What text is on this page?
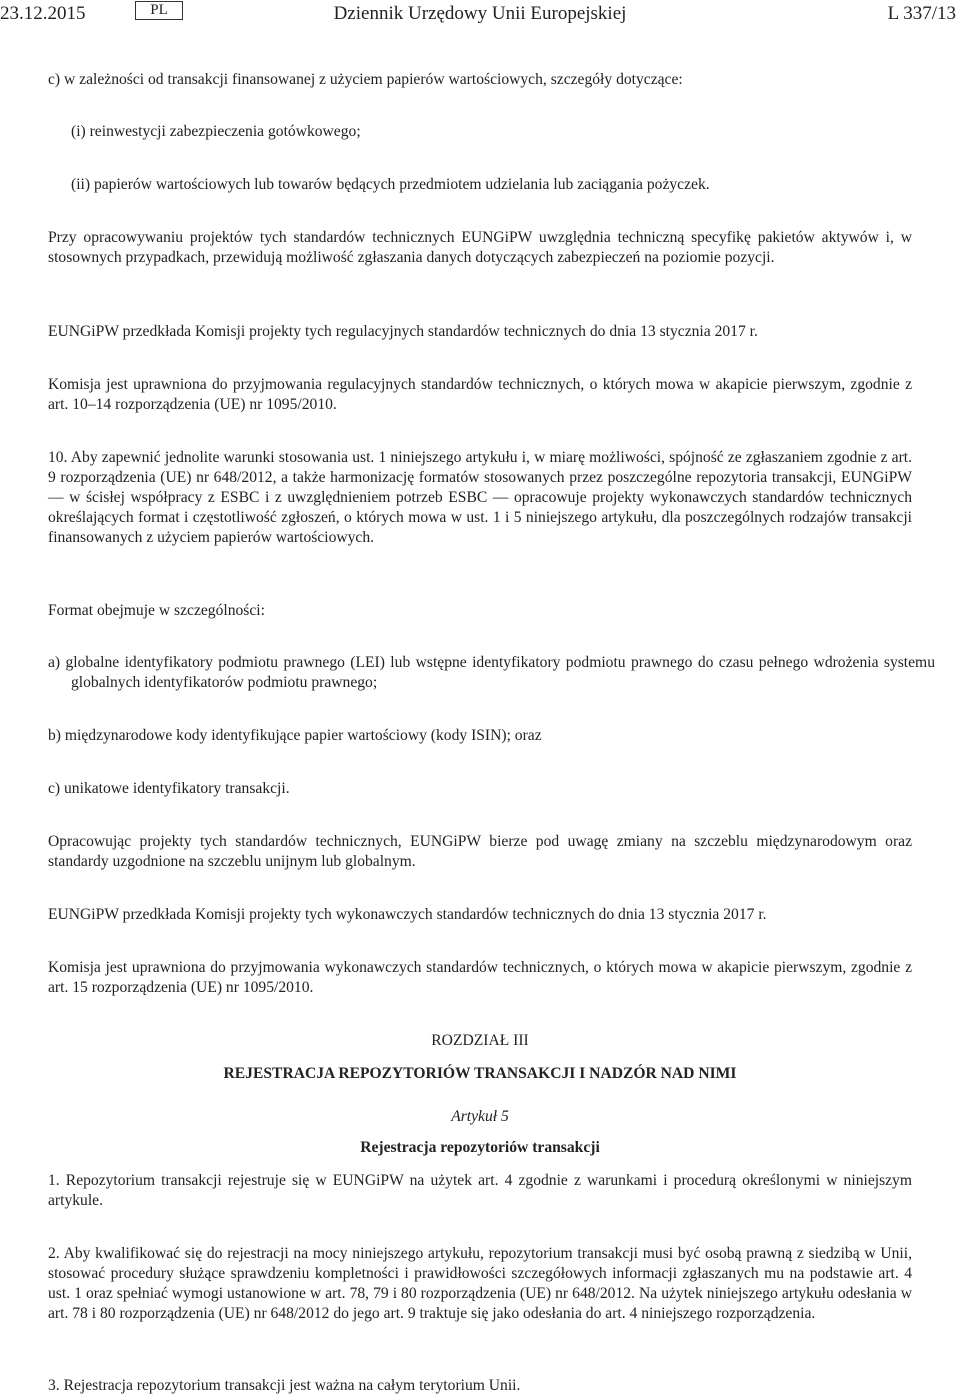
23.12.2015	PL	Dziennik Urzędowy Unii Europejskiej	L 337/13

c) w zależności od transakcji finansowanej z użyciem papierów wartościowych, szczegóły dotyczące:

(i) reinwestycji zabezpieczenia gotówkowego;

(ii) papierów wartościowych lub towarów będących przedmiotem udzielania lub zaciągania pożyczek.

Przy opracowywaniu projektów tych standardów technicznych EUNGiPW uwzględnia techniczną specyfikę pakietów aktywów i, w stosownych przypadkach, przewidują możliwość zgłaszania danych dotyczących zabezpieczeń na poziomie pozycji.

EUNGiPW przedkłada Komisji projekty tych regulacyjnych standardów technicznych do dnia 13 stycznia 2017 r.

Komisja jest uprawniona do przyjmowania regulacyjnych standardów technicznych, o których mowa w akapicie pierwszym, zgodnie z art. 10–14 rozporządzenia (UE) nr 1095/2010.

10. Aby zapewnić jednolite warunki stosowania ust. 1 niniejszego artykułu i, w miarę możliwości, spójność ze zgłaszaniem zgodnie z art. 9 rozporządzenia (UE) nr 648/2012, a także harmonizację formatów stosowanych przez poszczególne repozytoria transakcji, EUNGiPW — w ścisłej współpracy z ESBC i z uwzględnieniem potrzeb ESBC — opracowuje projekty wykonawczych standardów technicznych określających format i częstotliwość zgłoszeń, o których mowa w ust. 1 i 5 niniejszego artykułu, dla poszczególnych rodzajów transakcji finansowanych z użyciem papierów wartościowych.

Format obejmuje w szczególności:

a) globalne identyfikatory podmiotu prawnego (LEI) lub wstępne identyfikatory podmiotu prawnego do czasu pełnego wdrożenia systemu globalnych identyfikatorów podmiotu prawnego;

b) międzynarodowe kody identyfikujące papier wartościowy (kody ISIN); oraz

c) unikatowe identyfikatory transakcji.

Opracowując projekty tych standardów technicznych, EUNGiPW bierze pod uwagę zmiany na szczeblu międzynarodowym oraz standardy uzgodnione na szczeblu unijnym lub globalnym.

EUNGiPW przedkłada Komisji projekty tych wykonawczych standardów technicznych do dnia 13 stycznia 2017 r.

Komisja jest uprawniona do przyjmowania wykonawczych standardów technicznych, o których mowa w akapicie pierwszym, zgodnie z art. 15 rozporządzenia (UE) nr 1095/2010.

ROZDZIAŁ III

REJESTRACJA REPOZYTORIÓW TRANSAKCJI I NADZÓR NAD NIMI

Artykuł 5

Rejestracja repozytoriów transakcji

1. Repozytorium transakcji rejestruje się w EUNGiPW na użytek art. 4 zgodnie z warunkami i procedurą określonymi w niniejszym artykule.

2. Aby kwalifikować się do rejestracji na mocy niniejszego artykułu, repozytorium transakcji musi być osobą prawną z siedzibą w Unii, stosować procedury służące sprawdzeniu kompletności i prawidłowości szczegółowych informacji zgłaszanych mu na podstawie art. 4 ust. 1 oraz spełniać wymogi ustanowione w art. 78, 79 i 80 rozporządzenia (UE) nr 648/2012. Na użytek niniejszego artykułu odesłania w art. 78 i 80 rozporządzenia (UE) nr 648/2012 do jego art. 9 traktuje się jako odesłania do art. 4 niniejszego rozporządzenia.

3. Rejestracja repozytorium transakcji jest ważna na całym terytorium Unii.
